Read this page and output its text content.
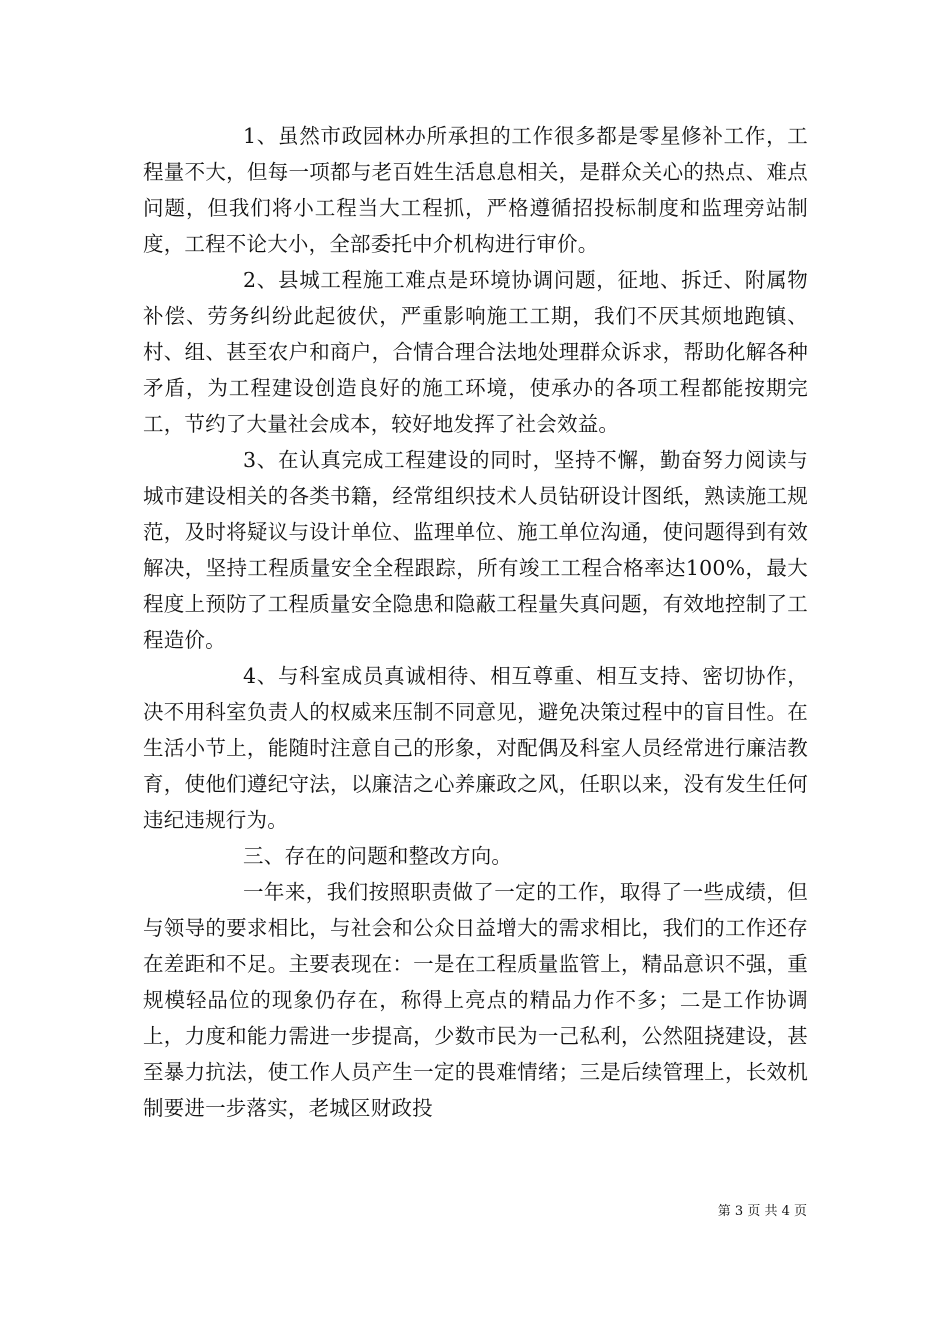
1、虽然市政园林办所承担的工作很多都是零星修补工作，工程量不大，但每一项都与老百姓生活息息相关，是群众关心的热点、难点问题，但我们将小工程当大工程抓，严格遵循招投标制度和监理旁站制度，工程不论大小，全部委托中介机构进行审价。

2、县城工程施工难点是环境协调问题，征地、拆迁、附属物补偿、劳务纠纷此起彼伏，严重影响施工工期，我们不厌其烦地跑镇、村、组、甚至农户和商户，合情合理合法地处理群众诉求，帮助化解各种矛盾，为工程建设创造良好的施工环境，使承办的各项工程都能按期完工，节约了大量社会成本，较好地发挥了社会效益。

3、在认真完成工程建设的同时，坚持不懈，勤奋努力阅读与城市建设相关的各类书籍，经常组织技术人员钻研设计图纸，熟读施工规范，及时将疑议与设计单位、监理单位、施工单位沟通，使问题得到有效解决，坚持工程质量安全全程跟踪，所有竣工工程合格率达100%，最大程度上预防了工程质量安全隐患和隐蔽工程量失真问题，有效地控制了工程造价。

4、与科室成员真诚相待、相互尊重、相互支持、密切协作，决不用科室负责人的权威来压制不同意见，避免决策过程中的盲目性。在生活小节上，能随时注意自己的形象，对配偶及科室人员经常进行廉洁教育，使他们遵纪守法，以廉洁之心养廉政之风，任职以来，没有发生任何违纪违规行为。

三、存在的问题和整改方向。

一年来，我们按照职责做了一定的工作，取得了一些成绩，但与领导的要求相比，与社会和公众日益增大的需求相比，我们的工作还存在差距和不足。主要表现在：一是在工程质量监管上，精品意识不强，重规模轻品位的现象仍存在，称得上亮点的精品力作不多；二是工作协调上，力度和能力需进一步提高，少数市民为一己私利，公然阻挠建设，甚至暴力抗法，使工作人员产生一定的畏难情绪；三是后续管理上，长效机制要进一步落实，老城区财政投

第 3 页 共 4 页
